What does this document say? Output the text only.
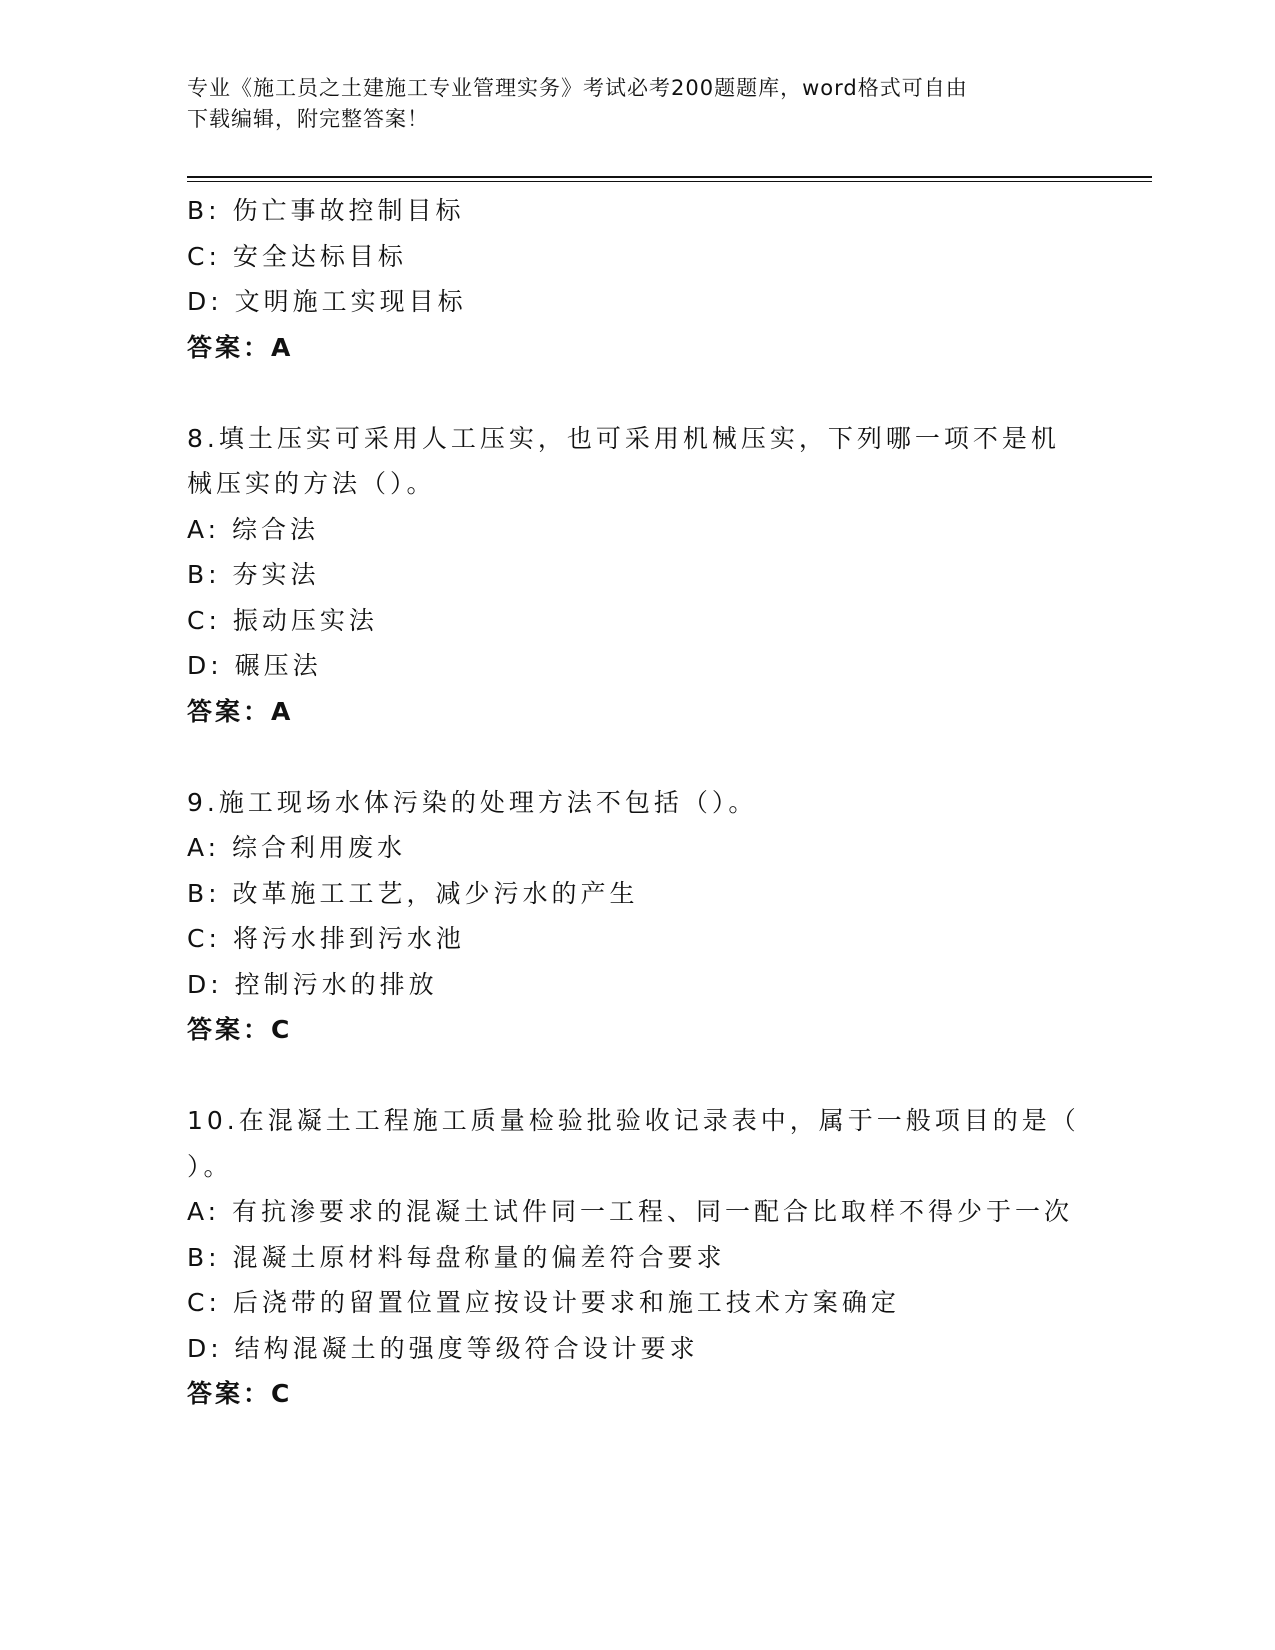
专业《施工员之土建施工专业管理实务》考试必考200题题库，word格式可自由
下载编辑，附完整答案！
B: 伤亡事故控制目标
C: 安全达标目标
D: 文明施工实现目标
答案：A
8.填土压实可采用人工压实，也可采用机械压实，下列哪一项不是机
械压实的方法（）。
A: 综合法
B: 夯实法
C: 振动压实法
D: 碾压法
答案：A
9.施工现场水体污染的处理方法不包括（）。
A: 综合利用废水
B: 改革施工工艺，减少污水的产生
C: 将污水排到污水池
D: 控制污水的排放
答案：C
10.在混凝土工程施工质量检验批验收记录表中，属于一般项目的是（
）。
A: 有抗渗要求的混凝土试件同一工程、同一配合比取样不得少于一次
B: 混凝土原材料每盘称量的偏差符合要求
C: 后浇带的留置位置应按设计要求和施工技术方案确定
D: 结构混凝土的强度等级符合设计要求
答案：C
